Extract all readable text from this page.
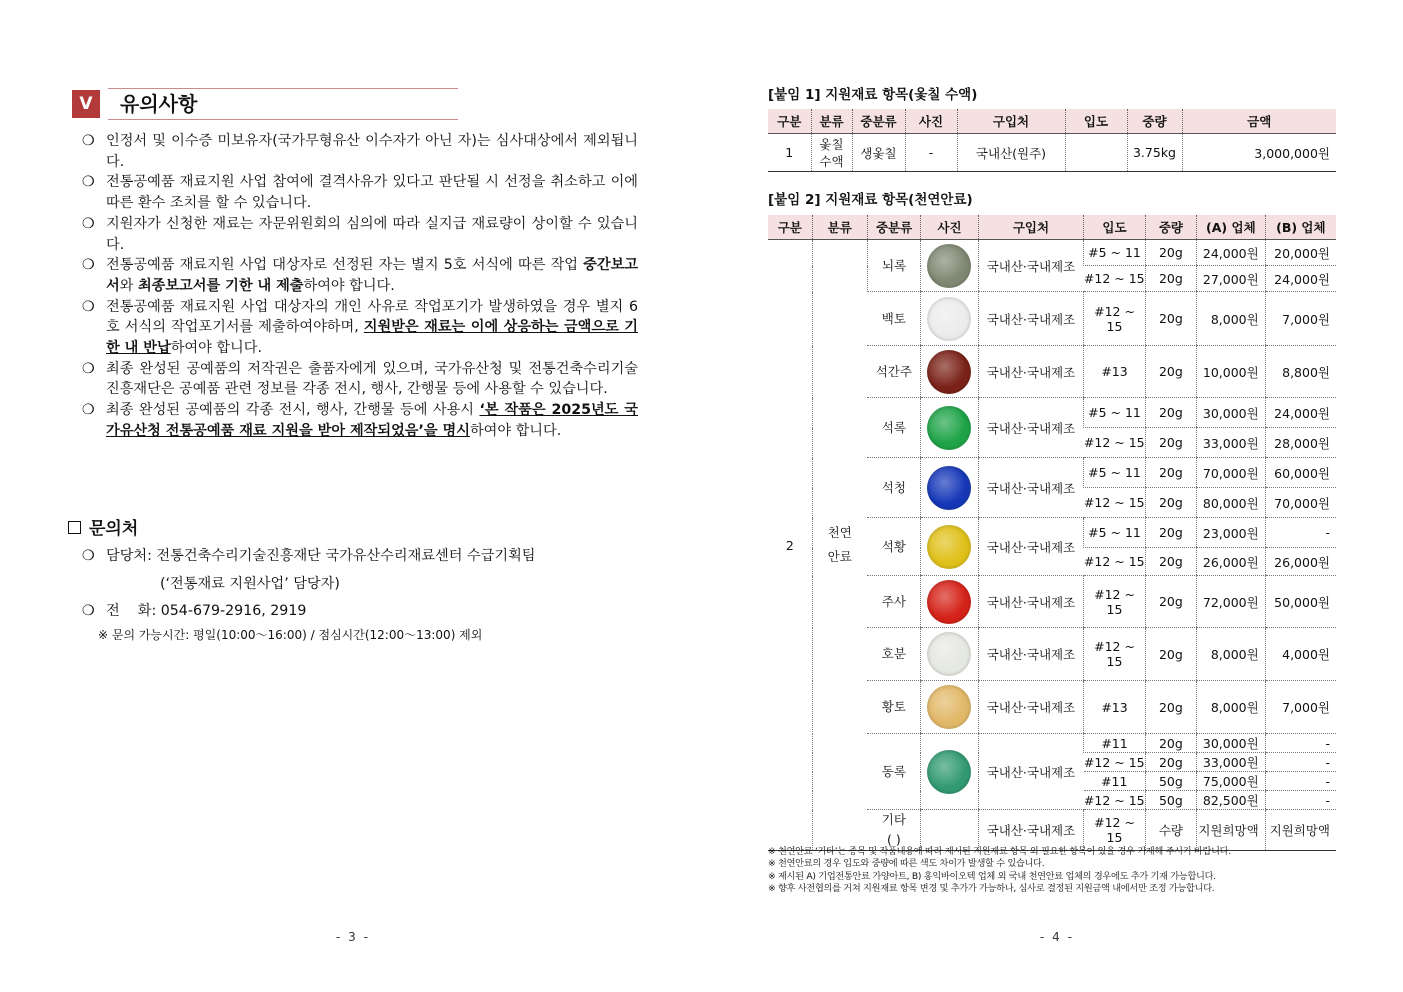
V	유의사항
❍ 인정서 및 이수증 미보유자(국가무형유산 이수자가 아닌 자)는 심사대상에서 제외됩니다.
❍ 전통공예품 재료지원 사업 참여에 결격사유가 있다고 판단될 시 선정을 취소하고 이에 따른 환수 조치를 할 수 있습니다.
❍ 지원자가 신청한 재료는 자문위원회의 심의에 따라 실지급 재료량이 상이할 수 있습니다.
❍ 전통공예품 재료지원 사업 대상자로 선정된 자는 별지 5호 서식에 따른 작업 중간보고서와 최종보고서를 기한 내 제출하여야 합니다.
❍ 전통공예품 재료지원 사업 대상자의 개인 사유로 작업포기가 발생하였을 경우 별지 6호 서식의 작업포기서를 제출하여야하며, 지원받은 재료는 이에 상응하는 금액으로 기한 내 반납하여야 합니다.
❍ 최종 완성된 공예품의 저작권은 출품자에게 있으며, 국가유산청 및 전통건축수리기술진흥재단은 공예품 관련 정보를 각종 전시, 행사, 간행물 등에 사용할 수 있습니다.
❍ 최종 완성된 공예품의 각종 전시, 행사, 간행물 등에 사용시 ‘본 작품은 2025년도 국가유산청 전통공예품 재료 지원을 받아 제작되었음’을 명시하여야 합니다.
문의처
❍ 담당처: 전통건축수리기술진흥재단 국가유산수리재료센터 수급기획팀
(‘전통재료 지원사업’ 담당자)
❍ 전    화: 054-679-2916, 2919
※ 문의 가능시간: 평일(10:00～16:00) / 점심시간(12:00～13:00) 제외
- 3 -
[붙임 1] 지원재료 항목(옻칠 수액)
구분	분류	중분류	사진	구입처	입도	중량	금액
1	옻칠
수액	생옻칠	-	국내산(원주)		3.75kg	3,000,000원
[붙임 2] 지원재료 항목(천연안료)
구분	분류	중분류	사진	구입처	입도	중량	(A) 업체	(B) 업체
2	천연
안료	뇌록		국내산·국내제조	#5 ~ 11	20g	24,000원	20,000원
					#12 ~ 15	20g	27,000원	24,000원
		백토		국내산·국내제조	#12 ~ 15	20g	8,000원	7,000원
		석간주		국내산·국내제조	#13	20g	10,000원	8,800원
		석록		국내산·국내제조	#5 ~ 11	20g	30,000원	24,000원
					#12 ~ 15	20g	33,000원	28,000원
		석청		국내산·국내제조	#5 ~ 11	20g	70,000원	60,000원
					#12 ~ 15	20g	80,000원	70,000원
		석황		국내산·국내제조	#5 ~ 11	20g	23,000원	-
					#12 ~ 15	20g	26,000원	26,000원
		주사		국내산·국내제조	#12 ~ 15	20g	72,000원	50,000원
		호분		국내산·국내제조	#12 ~ 15	20g	8,000원	4,000원
		황토		국내산·국내제조	#13	20g	8,000원	7,000원
		동록		국내산·국내제조	#11	20g	30,000원	-
					#12 ~ 15	20g	33,000원	-
					#11	50g	75,000원	-
					#12 ~ 15	50g	82,500원	-
		기타
( )		국내산·국내제조	#12 ~ 15	수량	지원희망액	지원희망액
※ 천연안료 ‘기타’는 종목 및 작품내용에 따라 제시된 지원재료 항목 외 필요한 항목이 있을 경우 기재해 주시기 바랍니다.
※ 천연안료의 경우 입도와 중량에 따른 색도 차이가 발생할 수 있습니다.
※ 제시된 A) 기업전통안료 가양아트, B) 홍익바이오텍 업체 외 국내 천연안료 업체의 경우에도 추가 기재 가능합니다.
※ 향후 사전협의를 거쳐 지원재료 항목 변경 및 추가가 가능하나, 심사로 결정된 지원금액 내에서만 조정 가능합니다.
- 4 -
